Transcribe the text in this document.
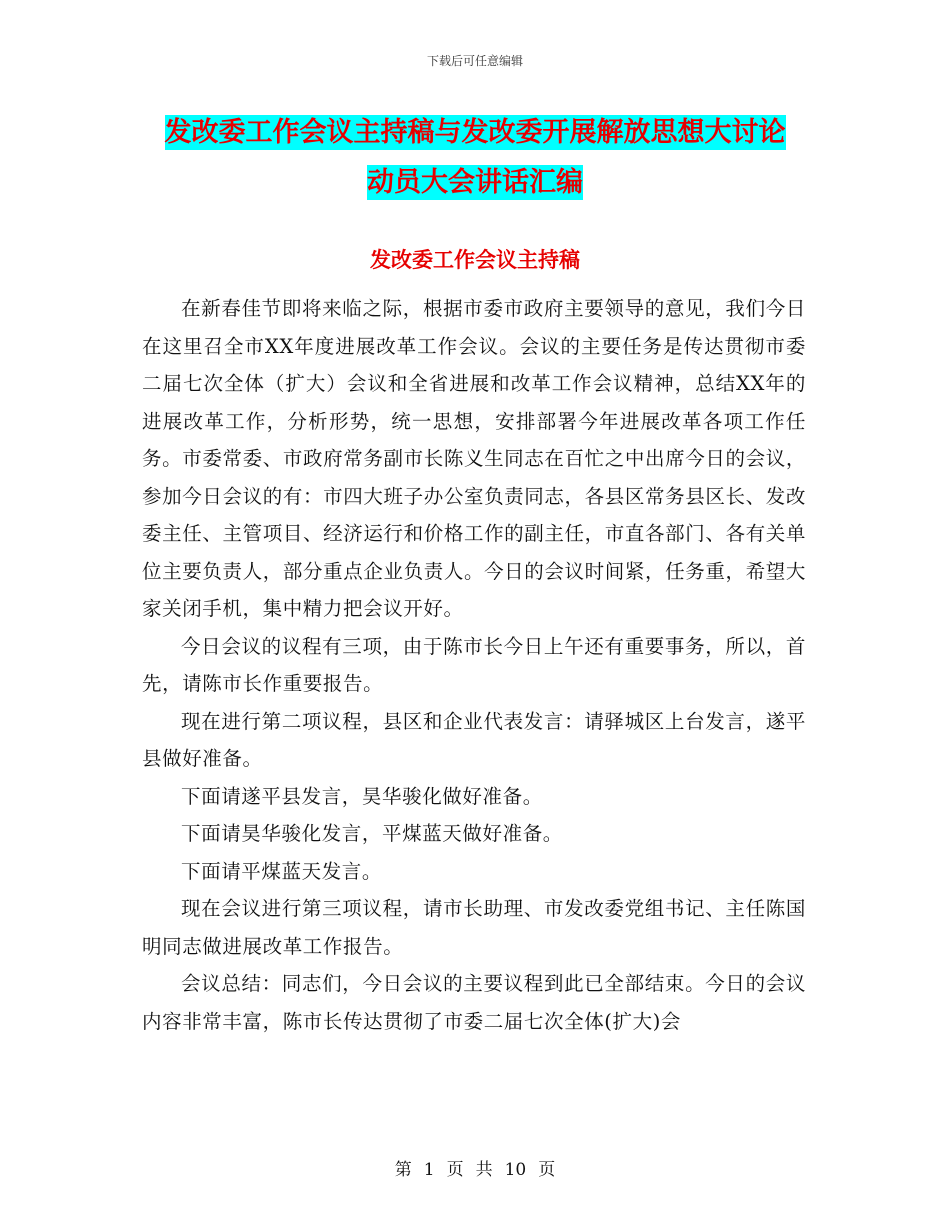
下载后可任意编辑
发改委工作会议主持稿与发改委开展解放思想大讨论
动员大会讲话汇编
发改委工作会议主持稿

在新春佳节即将来临之际，根据市委市政府主要领导的意见，我们今日在这里召全市XX年度进展改革工作会议。会议的主要任务是传达贯彻市委二届七次全体（扩大）会议和全省进展和改革工作会议精神，总结XX年的进展改革工作，分析形势，统一思想，安排部署今年进展改革各项工作任务。市委常委、市政府常务副市长陈义生同志在百忙之中出席今日的会议，参加今日会议的有：市四大班子办公室负责同志，各县区常务县区长、发改委主任、主管项目、经济运行和价格工作的副主任，市直各部门、各有关单位主要负责人，部分重点企业负责人。今日的会议时间紧，任务重，希望大家关闭手机，集中精力把会议开好。

今日会议的议程有三项，由于陈市长今日上午还有重要事务，所以，首先，请陈市长作重要报告。

现在进行第二项议程，县区和企业代表发言：请驿城区上台发言，遂平县做好准备。

下面请遂平县发言，昊华骏化做好准备。

下面请昊华骏化发言，平煤蓝天做好准备。

下面请平煤蓝天发言。

现在会议进行第三项议程，请市长助理、市发改委党组书记、主任陈国明同志做进展改革工作报告。

会议总结：同志们，今日会议的主要议程到此已全部结束。今日的会议内容非常丰富，陈市长传达贯彻了市委二届七次全体(扩大)会

第 1 页 共 10 页
